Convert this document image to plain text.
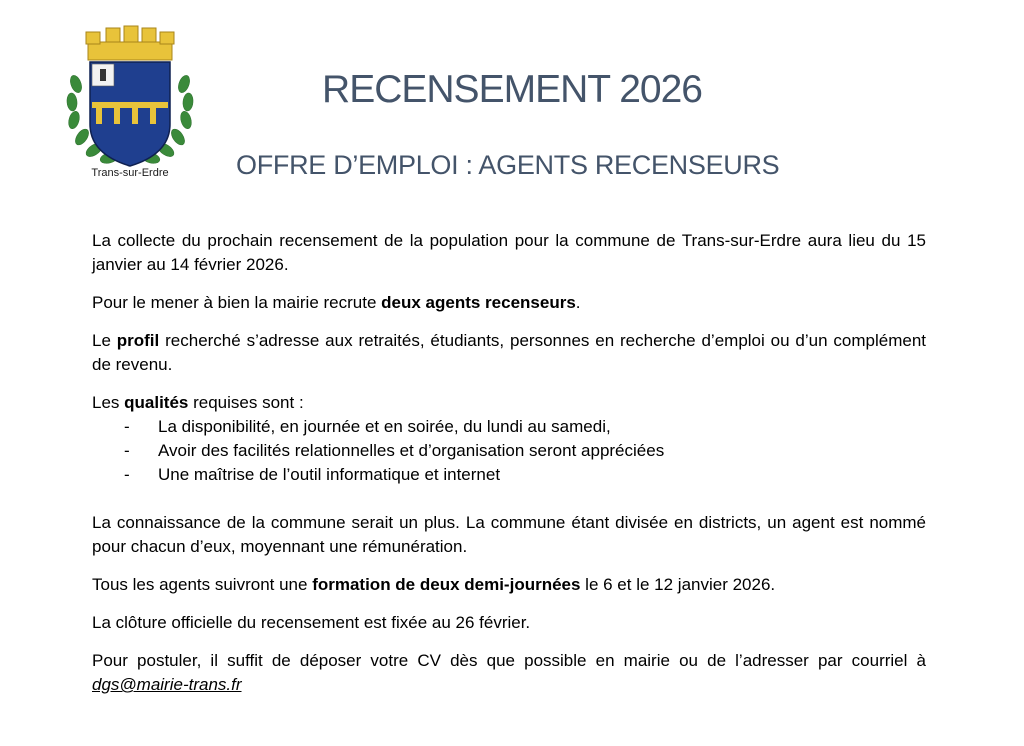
Trans-sur-Erdre
RECENSEMENT 2026
OFFRE D’EMPLOI : AGENTS RECENSEURS

La collecte du prochain recensement de la population pour la commune de Trans-sur-Erdre aura lieu du 15 janvier au 14 février 2026.

Pour le mener à bien la mairie recrute deux agents recenseurs.

Le profil recherché s’adresse aux retraités, étudiants, personnes en recherche d’emploi ou d’un complément de revenu.

Les qualités requises sont :

- La disponibilité, en journée et en soirée, du lundi au samedi,
- Avoir des facilités relationnelles et d’organisation seront appréciées
- Une maîtrise de l’outil informatique et internet

La connaissance de la commune serait un plus. La commune étant divisée en districts, un agent est nommé pour chacun d’eux, moyennant une rémunération.

Tous les agents suivront une formation de deux demi-journées le 6 et le 12 janvier 2026.

La clôture officielle du recensement est fixée au 26 février.

Pour postuler, il suffit de déposer votre CV dès que possible en mairie ou de l’adresser par courriel à dgs@mairie-trans.fr
